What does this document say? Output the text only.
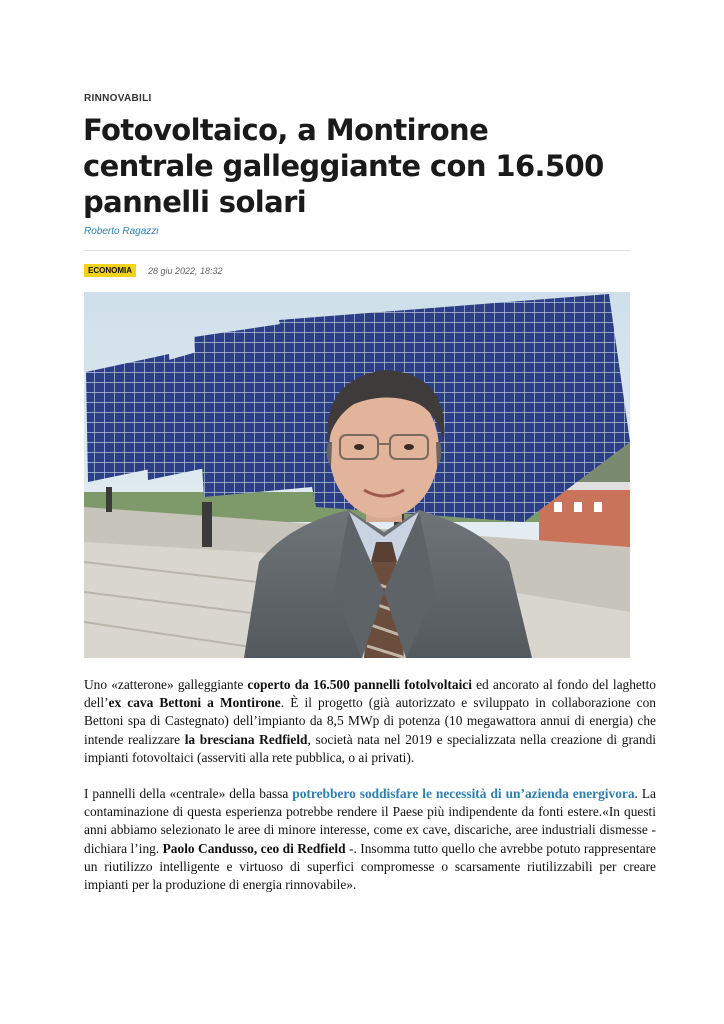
RINNOVABILI
Fotovoltaico, a Montirone centrale galleggiante con 16.500 pannelli solari
Roberto Ragazzi
ECONOMIA	28 giu 2022, 18:32

Uno «zatterone» galleggiante coperto da 16.500 pannelli fotolvoltaici ed ancorato al fondo del laghetto dell’ex cava Bettoni a Montirone. È il progetto (già autorizzato e sviluppato in collaborazione con Bettoni spa di Castegnato) dell’impianto da 8,5 MWp di potenza (10 megawattora annui di energia) che intende realizzare la bresciana Redfield, società nata nel 2019 e specializzata nella creazione di grandi impianti fotovoltaici (asserviti alla rete pubblica, o ai privati).

I pannelli della «centrale» della bassa potrebbero soddisfare le necessità di un’azienda energivora. La contaminazione di questa esperienza potrebbe rendere il Paese più indipendente da fonti estere.«In questi anni abbiamo selezionato le aree di minore interesse, come ex cave, discariche, aree industriali dismesse - dichiara l’ing. Paolo Candusso, ceo di Redfield -. Insomma tutto quello che avrebbe potuto rappresentare un riutilizzo intelligente e virtuoso di superfici compromesse o scarsamente riutilizzabili per creare impianti per la produzione di energia rinnovabile».
